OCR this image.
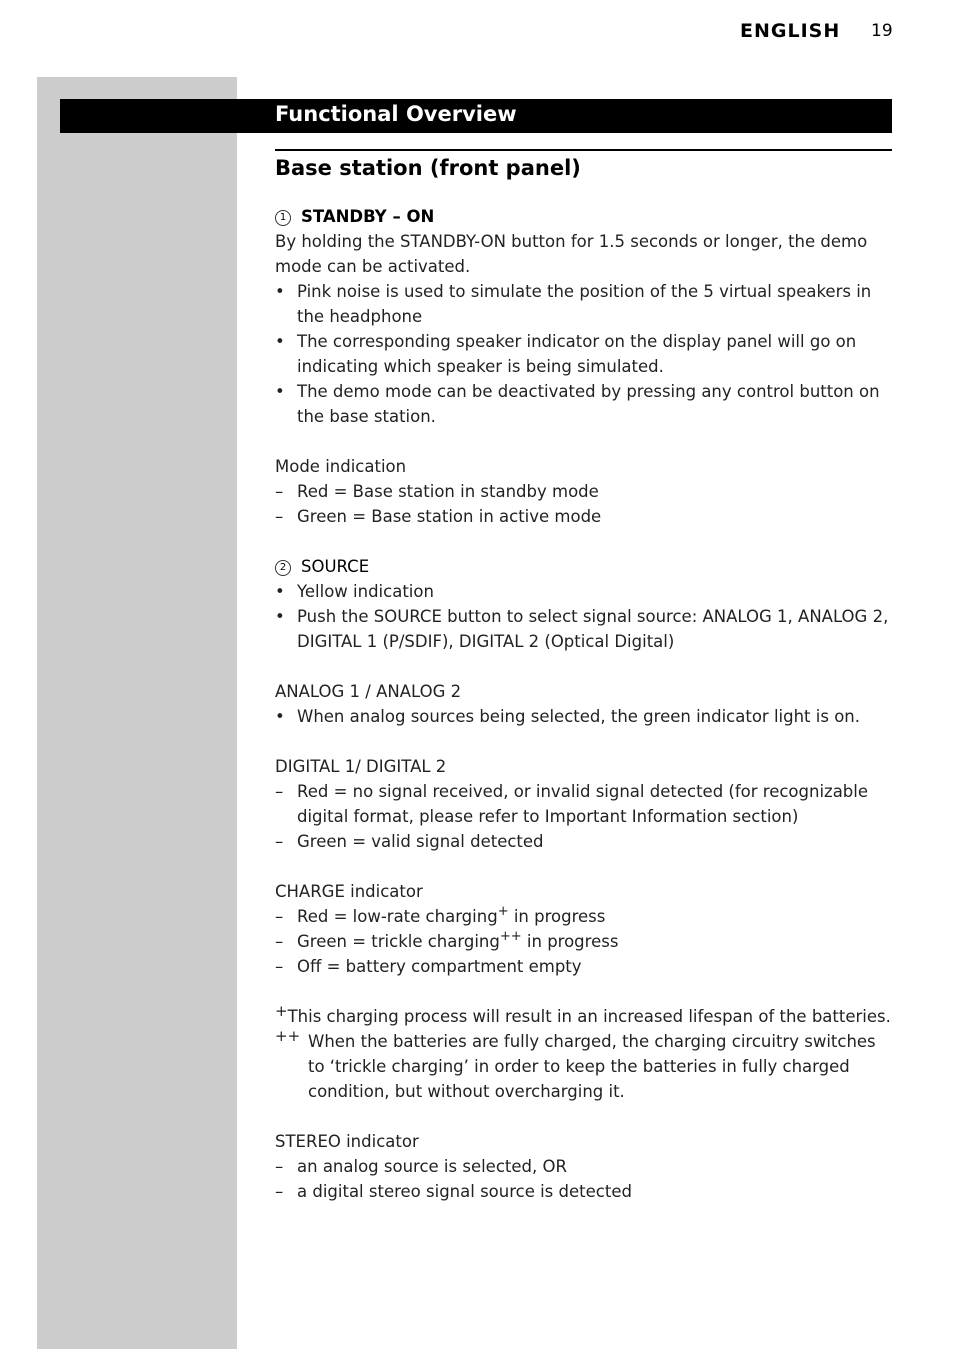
ENGLISH 19
Functional Overview
Base station (front panel)

1 STANDBY – ON

By holding the STANDBY-ON button for 1.5 seconds or longer, the demo mode can be activated.

• Pink noise is used to simulate the position of the 5 virtual speakers in the headphone
• The corresponding speaker indicator on the display panel will go on indicating which speaker is being simulated.
• The demo mode can be deactivated by pressing any control button on the base station.

Mode indication

– Red = Base station in standby mode
– Green = Base station in active mode

2 SOURCE

• Yellow indication
• Push the SOURCE button to select signal source: ANALOG 1, ANALOG 2, DIGITAL 1 (P/SDIF), DIGITAL 2 (Optical Digital)

ANALOG 1 / ANALOG 2

• When analog sources being selected, the green indicator light is on.

DIGITAL 1/ DIGITAL 2

– Red = no signal received, or invalid signal detected (for recognizable digital format, please refer to Important Information section)
– Green = valid signal detected

CHARGE indicator

– Red = low-rate charging+ in progress
– Green = trickle charging++ in progress
– Off = battery compartment empty

+This charging process will result in an increased lifespan of the batteries.

++ When the batteries are fully charged, the charging circuitry switches to ‘trickle charging’ in order to keep the batteries in fully charged condition, but without overcharging it.

STEREO indicator

– an analog source is selected, OR
– a digital stereo signal source is detected
